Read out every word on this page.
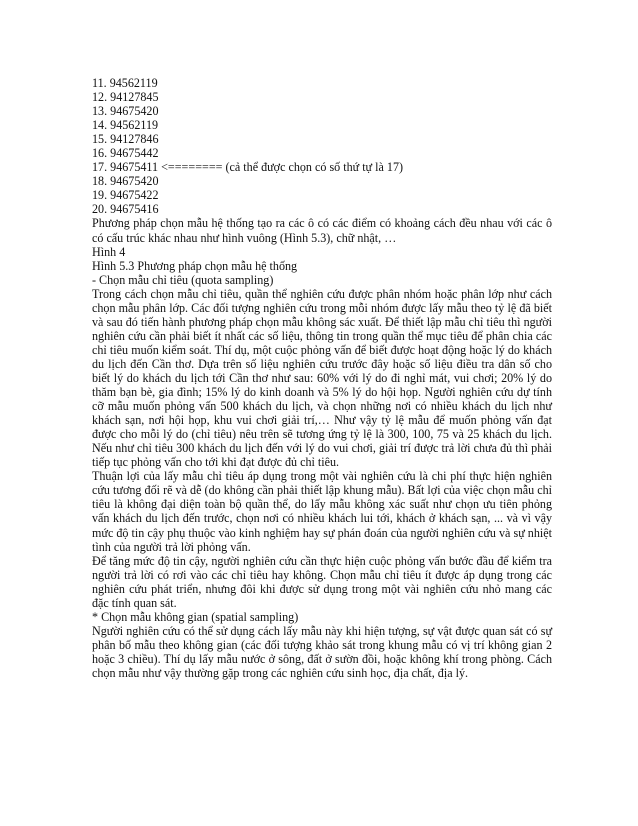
11. 94562119
12. 94127845
13. 94675420
14. 94562119
15. 94127846
16. 94675442
17. 94675411 <======== (cả thể được chọn có số thứ tự là 17)
18. 94675420
19. 94675422
20. 94675416
Phương pháp chọn mẫu hệ thống tạo ra các ô có các điểm có khoảng cách đều nhau với các ô có cấu trúc khác nhau như hình vuông (Hình 5.3), chữ nhật, …
Hình 4
Hình 5.3 Phương pháp chọn mẫu hệ thống
- Chọn mẫu chỉ tiêu (quota sampling)
Trong cách chọn mẫu chỉ tiêu, quần thể nghiên cứu được phân nhóm hoặc phân lớp như cách chọn mẫu phân lớp. Các đối tượng nghiên cứu trong mỗi nhóm được lấy mẫu theo tỷ lệ đã biết và sau đó tiến hành phương pháp chọn mẫu không sác xuất. Để thiết lập mẫu chỉ tiêu thì người nghiên cứu cần phải biết ít nhất các số liệu, thông tin trong quần thể mục tiêu để phân chia các chỉ tiêu muốn kiểm soát. Thí dụ, một cuộc phỏng vấn để biết được hoạt động hoặc lý do khách du lịch đến Cần thơ. Dựa trên số liệu nghiên cứu trước đây hoặc số liệu điều tra dân số cho biết lý do khách du lịch tới Cần thơ như sau: 60% với lý do đi nghỉ mát, vui chơi; 20% lý do thăm bạn bè, gia đình; 15% lý do kinh doanh và 5% lý do hội họp. Người nghiên cứu dự tính cỡ mẫu muốn phỏng vấn 500 khách du lịch, và chọn những nơi có nhiều khách du lịch như khách sạn, nơi hội họp, khu vui chơi giải trí,… Như vậy tỷ lệ mẫu để muốn phỏng vấn đạt được cho mỗi lý do (chỉ tiêu) nêu trên sẽ tương ứng tỷ lệ là 300, 100, 75 và 25 khách du lịch. Nếu như chỉ tiêu 300 khách du lịch đến với lý do vui chơi, giải trí được trả lời chưa đủ thì phải tiếp tục phỏng vấn cho tới khi đạt được đủ chỉ tiêu.
Thuận lợi của lấy mẫu chỉ tiêu áp dụng trong một vài nghiên cứu là chi phí thực hiện nghiên cứu tương đối rẽ và dễ (do không cần phải thiết lập khung mẫu). Bất lợi của việc chọn mẫu chỉ tiêu là không đại diện toàn bộ quần thể, do lấy mẫu không xác suất như chọn ưu tiên phỏng vấn khách du lịch đến trước, chọn nơi có nhiều khách lui tới, khách ở khách sạn, ... và vì vậy mức độ tin cậy phụ thuộc vào kinh nghiệm hay sự phán đoán của người nghiên cứu và sự nhiệt tình của người trả lời phỏng vấn.
Để tăng mức độ tin cậy, người nghiên cứu cần thực hiện cuộc phỏng vấn bước đầu để kiểm tra người trả lời có rơi vào các chỉ tiêu hay không. Chọn mẫu chỉ tiêu ít được áp dụng trong các nghiên cứu phát triển, nhưng đôi khi được sử dụng trong một vài nghiên cứu nhỏ mang các đặc tính quan sát.
* Chọn mẫu không gian (spatial sampling)
Người nghiên cứu có thể sử dụng cách lấy mẫu này khi hiện tượng, sự vật được quan sát có sự phân bố mẫu theo không gian (các đối tượng khảo sát trong khung mẫu có vị trí không gian 2 hoặc 3 chiều). Thí dụ lấy mẫu nước ở sông, đất ở sườn đồi, hoặc không khí trong phòng. Cách chọn mẫu như vậy thường gặp trong các nghiên cứu sinh học, địa chất, địa lý.
